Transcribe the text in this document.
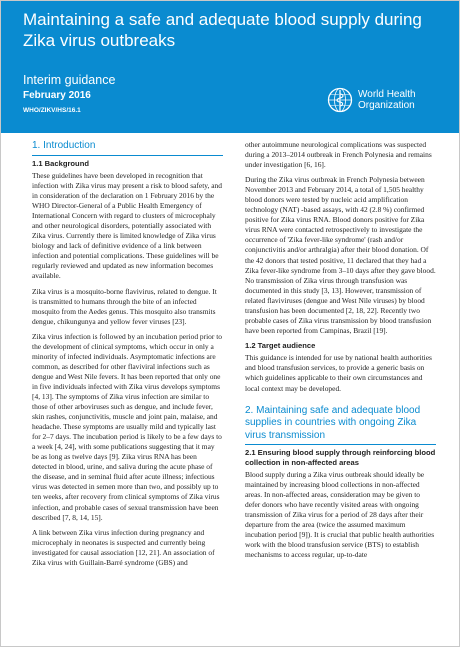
Maintaining a safe and adequate blood supply during Zika virus outbreaks
Interim guidance
February 2016
WHO/ZIKV/HS/16.1
World Health Organization
1. Introduction
1.1 Background

These guidelines have been developed in recognition that infection with Zika virus may present a risk to blood safety, and in consideration of the declaration on 1 February 2016 by the WHO Director-General of a Public Health Emergency of International Concern with regard to clusters of microcephaly and other neurological disorders, potentially associated with Zika virus. Currently there is limited knowledge of Zika virus biology and lack of definitive evidence of a link between infection and potential complications. These guidelines will be regularly reviewed and updated as new information becomes available.

Zika virus is a mosquito-borne flavivirus, related to dengue. It is transmitted to humans through the bite of an infected mosquito from the Aedes genus. This mosquito also transmits dengue, chikungunya and yellow fever viruses [23].

Zika virus infection is followed by an incubation period prior to the development of clinical symptoms, which occur in only a minority of infected individuals. Asymptomatic infections are common, as described for other flaviviral infections such as dengue and West Nile fevers. It has been reported that only one in five individuals infected with Zika virus develops symptoms [4, 13]. The symptoms of Zika virus infection are similar to those of other arboviruses such as dengue, and include fever, skin rashes, conjunctivitis, muscle and joint pain, malaise, and headache. These symptoms are usually mild and typically last for 2–7 days. The incubation period is likely to be a few days to a week [4, 24], with some publications suggesting that it may be as long as twelve days [9]. Zika virus RNA has been detected in blood, urine, and saliva during the acute phase of the disease, and in seminal fluid after acute illness; infectious virus was detected in semen more than two, and possibly up to ten weeks, after recovery from clinical symptoms of Zika virus infection, and probable cases of sexual transmission have been described [7, 8, 14, 15].

A link between Zika virus infection during pregnancy and microcephaly in neonates is suspected and currently being investigated for causal association [12, 21]. An association of Zika virus with Guillain-Barré syndrome (GBS) and

other autoimmune neurological complications was suspected during a 2013–2014 outbreak in French Polynesia and remains under investigation [6, 16].

During the Zika virus outbreak in French Polynesia between November 2013 and February 2014, a total of 1,505 healthy blood donors were tested by nucleic acid amplification technology (NAT) -based assays, with 42 (2.8 %) confirmed positive for Zika virus RNA. Blood donors positive for Zika virus RNA were contacted retrospectively to investigate the occurrence of 'Zika fever-like syndrome' (rash and/or conjunctivitis and/or arthralgia) after their blood donation. Of the 42 donors that tested positive, 11 declared that they had a Zika fever-like syndrome from 3–10 days after they gave blood. No transmission of Zika virus through transfusion was documented in this study [3, 13]. However, transmission of related flaviviruses (dengue and West Nile viruses) by blood transfusion has been documented [2, 18, 22]. Recently two probable cases of Zika virus transmission by blood transfusion have been reported from Campinas, Brazil [19].

1.2 Target audience

This guidance is intended for use by national health authorities and blood transfusion services, to provide a generic basis on which guidelines applicable to their own circumstances and local context may be developed.

2. Maintaining safe and adequate blood supplies in countries with ongoing Zika virus transmission
2.1 Ensuring blood supply through reinforcing blood collection in non-affected areas

Blood supply during a Zika virus outbreak should ideally be maintained by increasing blood collections in non-affected areas. In non-affected areas, consideration may be given to defer donors who have recently visited areas with ongoing transmission of Zika virus for a period of 28 days after their departure from the area (twice the assumed maximum incubation period [9]). It is crucial that public health authorities work with the blood transfusion service (BTS) to establish mechanisms to access regular, up-to-date
